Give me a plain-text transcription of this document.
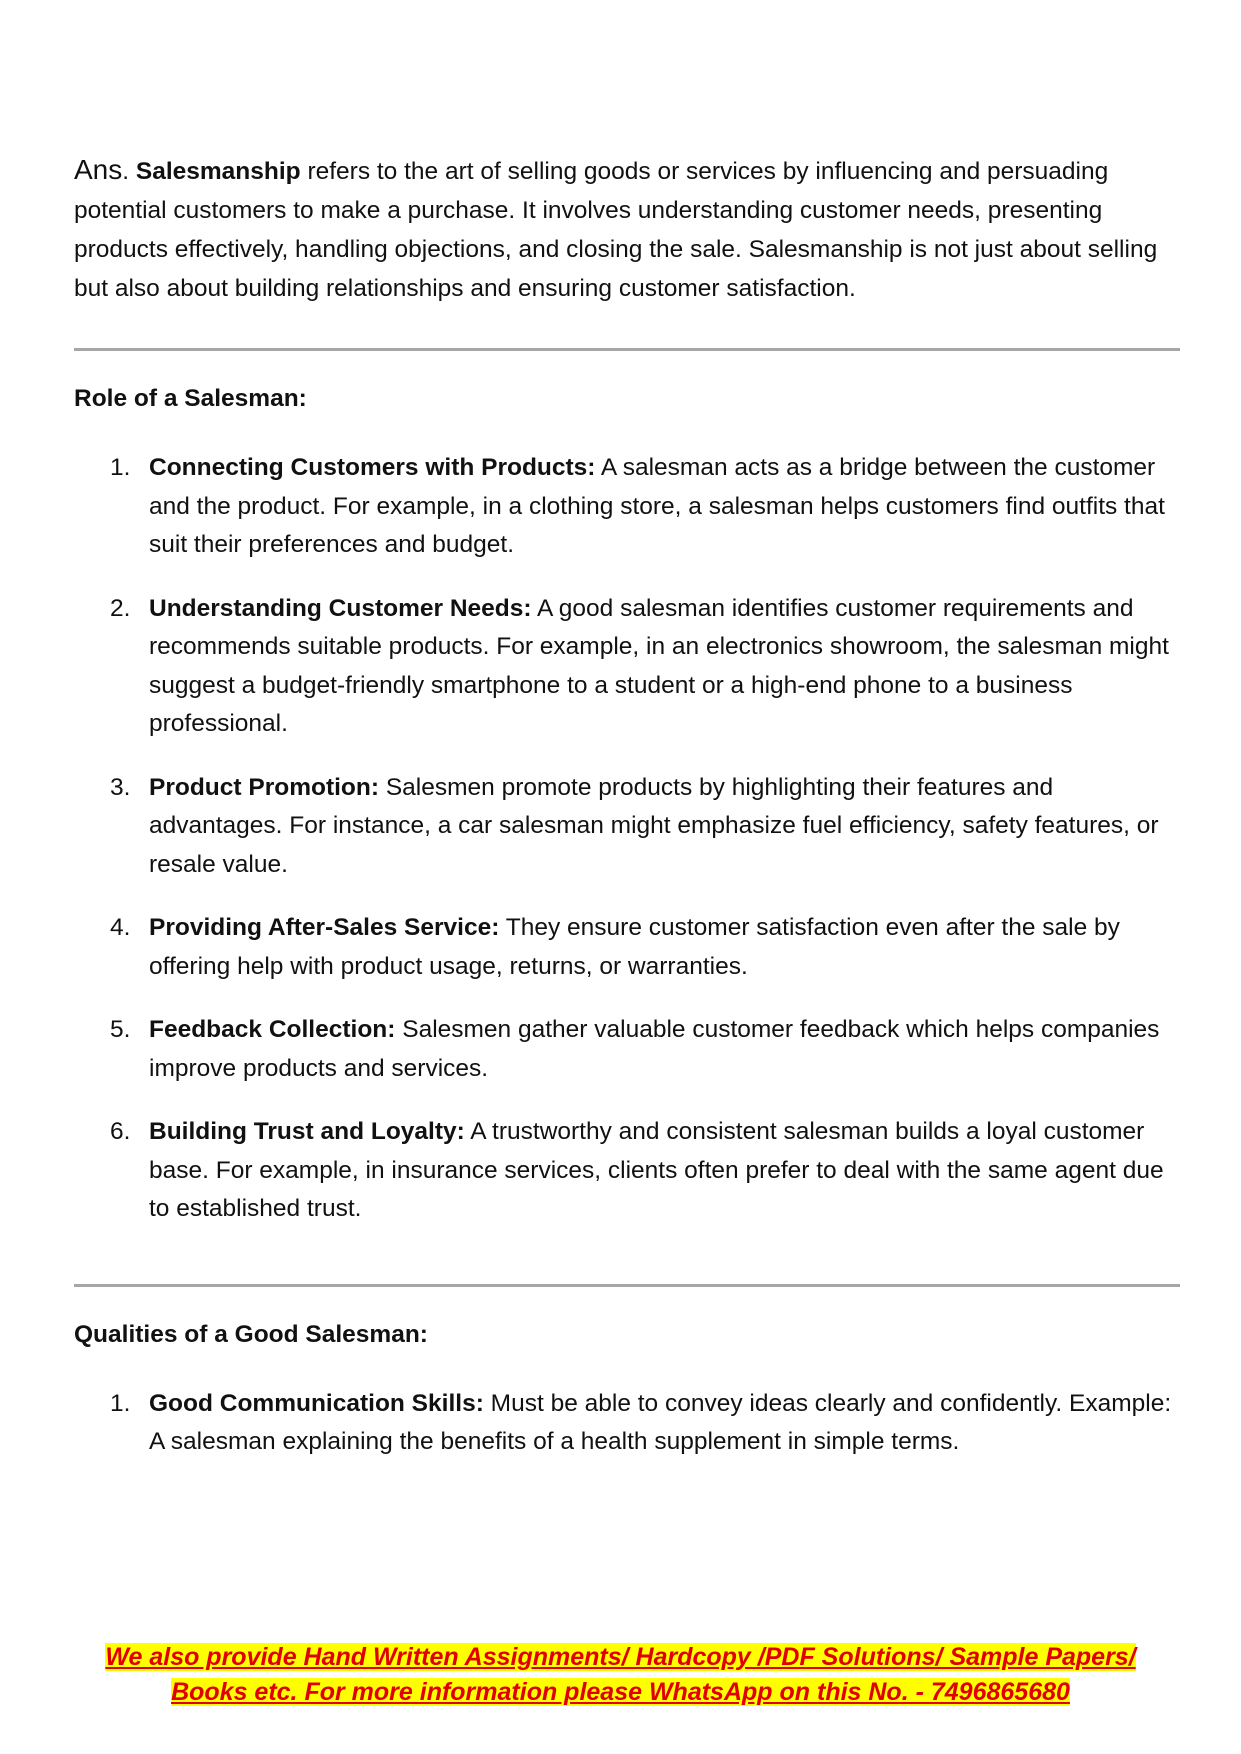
Ans. Salesmanship refers to the art of selling goods or services by influencing and persuading potential customers to make a purchase. It involves understanding customer needs, presenting products effectively, handling objections, and closing the sale. Salesmanship is not just about selling but also about building relationships and ensuring customer satisfaction.

Role of a Salesman:

1. Connecting Customers with Products: A salesman acts as a bridge between the customer and the product. For example, in a clothing store, a salesman helps customers find outfits that suit their preferences and budget.
2. Understanding Customer Needs: A good salesman identifies customer requirements and recommends suitable products. For example, in an electronics showroom, the salesman might suggest a budget-friendly smartphone to a student or a high-end phone to a business professional.
3. Product Promotion: Salesmen promote products by highlighting their features and advantages. For instance, a car salesman might emphasize fuel efficiency, safety features, or resale value.
4. Providing After-Sales Service: They ensure customer satisfaction even after the sale by offering help with product usage, returns, or warranties.
5. Feedback Collection: Salesmen gather valuable customer feedback which helps companies improve products and services.
6. Building Trust and Loyalty: A trustworthy and consistent salesman builds a loyal customer base. For example, in insurance services, clients often prefer to deal with the same agent due to established trust.

Qualities of a Good Salesman:

1. Good Communication Skills: Must be able to convey ideas clearly and confidently. Example: A salesman explaining the benefits of a health supplement in simple terms.
We also provide Hand Written Assignments/ Hardcopy /PDF Solutions/ Sample Papers/
Books etc. For more information please WhatsApp on this No. - 7496865680
